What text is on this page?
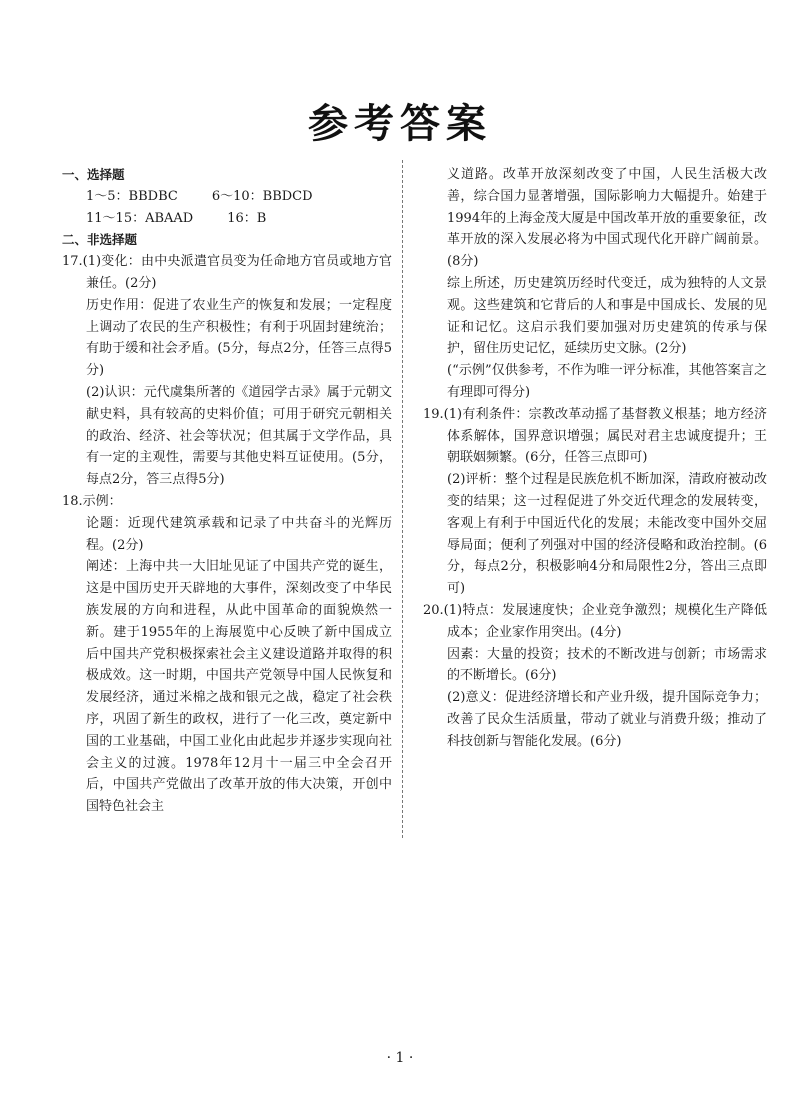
参考答案

一、选择题

1～5：BBDBC	6～10：BBDCD
11～15：ABAAD	16：B

二、非选择题

17.(1)变化：由中央派遣官员变为任命地方官员或地方官兼任。(2分)

历史作用：促进了农业生产的恢复和发展；一定程度上调动了农民的生产积极性；有利于巩固封建统治；有助于缓和社会矛盾。(5分，每点2分，任答三点得5分)

(2)认识：元代虞集所著的《道园学古录》属于元朝文献史料，具有较高的史料价值；可用于研究元朝相关的政治、经济、社会等状况；但其属于文学作品，具有一定的主观性，需要与其他史料互证使用。(5分，每点2分，答三点得5分)

18.示例：

论题：近现代建筑承载和记录了中共奋斗的光辉历程。(2分)

阐述：上海中共一大旧址见证了中国共产党的诞生，这是中国历史开天辟地的大事件，深刻改变了中华民族发展的方向和进程，从此中国革命的面貌焕然一新。建于1955年的上海展览中心反映了新中国成立后中国共产党积极探索社会主义建设道路并取得的积极成效。这一时期，中国共产党领导中国人民恢复和发展经济，通过米棉之战和银元之战，稳定了社会秩序，巩固了新生的政权，进行了一化三改，奠定新中国的工业基础，中国工业化由此起步并逐步实现向社会主义的过渡。1978年12月十一届三中全会召开后，中国共产党做出了改革开放的伟大决策，开创中国特色社会主

义道路。改革开放深刻改变了中国，人民生活极大改善，综合国力显著增强，国际影响力大幅提升。始建于1994年的上海金茂大厦是中国改革开放的重要象征，改革开放的深入发展必将为中国式现代化开辟广阔前景。(8分)

综上所述，历史建筑历经时代变迁，成为独特的人文景观。这些建筑和它背后的人和事是中国成长、发展的见证和记忆。这启示我们要加强对历史建筑的传承与保护，留住历史记忆，延续历史文脉。(2分)

(“示例”仅供参考，不作为唯一评分标准，其他答案言之有理即可得分)

19.(1)有利条件：宗教改革动摇了基督教义根基；地方经济体系解体，国界意识增强；属民对君主忠诚度提升；王朝联姻频繁。(6分，任答三点即可)

(2)评析：整个过程是民族危机不断加深，清政府被动改变的结果；这一过程促进了外交近代理念的发展转变，客观上有利于中国近代化的发展；未能改变中国外交屈辱局面；便利了列强对中国的经济侵略和政治控制。(6分，每点2分，积极影响4分和局限性2分，答出三点即可)

20.(1)特点：发展速度快；企业竞争激烈；规模化生产降低成本；企业家作用突出。(4分)

因素：大量的投资；技术的不断改进与创新；市场需求的不断增长。(6分)

(2)意义：促进经济增长和产业升级，提升国际竞争力；改善了民众生活质量，带动了就业与消费升级；推动了科技创新与智能化发展。(6分)

· 1 ·
